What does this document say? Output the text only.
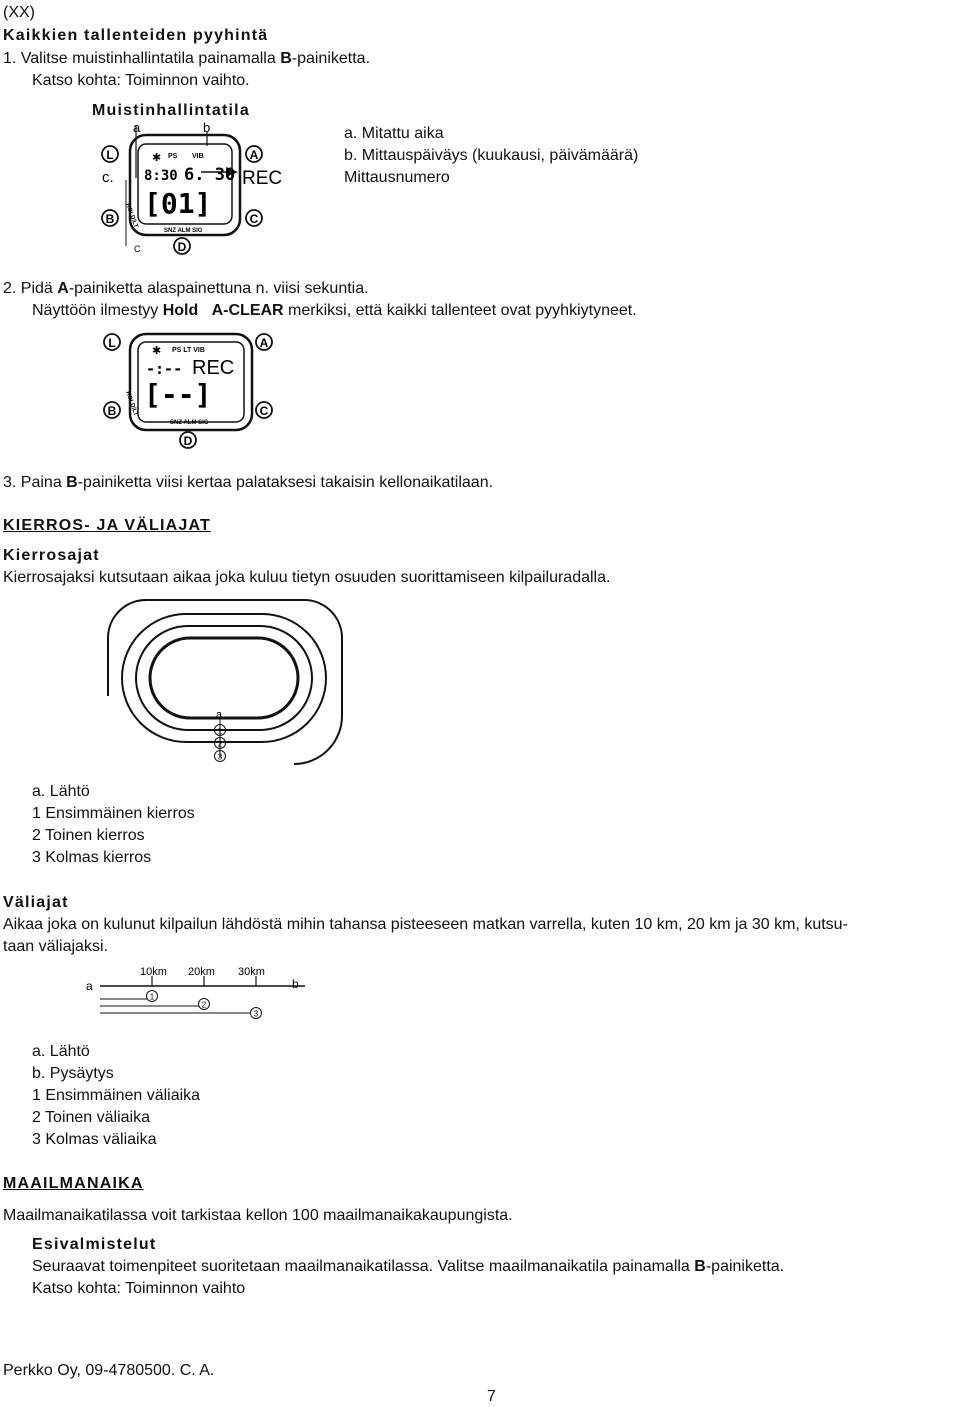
(XX)
Kaikkien tallenteiden pyyhintä
1. Valitse muistinhallintatila painamalla B-painiketta.
Katso kohta: Toiminnon vaihto.
Muistinhallintatila
a. Mitattu aika
b. Mittauspäiväys (kuukausi, päivämäärä)
Mittausnumero
a	b
c.
L	A
B	C
D
✱ PS VIB
8:30 6. 30 REC
[01]
SNZ ALM SIG
HOLD/LT
C
2. Pidä A-painiketta alaspainettuna n. viisi sekuntia.
Näyttöön ilmestyy Hold A-CLEAR merkiksi, että kaikki tallenteet ovat pyyhkiytyneet.
L	A
B	C
D
✱ PS LT VIB
-:-- REC
[--]
SNZ ALM SIG
HOLD/LT
3. Paina B-painiketta viisi kertaa palataksesi takaisin kellonaikatilaan.
KIERROS- JA VÄLIAJAT
Kierrosajat
Kierrosajaksi kutsutaan aikaa joka kuluu tietyn osuuden suorittamiseen kilpailuradalla.
a
1
2
3
a. Lähtö
1 Ensimmäinen kierros
2 Toinen kierros
3 Kolmas kierros
Väliajat
Aikaa joka on kulunut kilpailun lähdöstä mihin tahansa pisteeseen matkan varrella, kuten 10 km, 20 km ja 30 km, kutsu-
taan väliajaksi.
10km 20km 30km
a	b
1
2
3
a. Lähtö
b. Pysäytys
1 Ensimmäinen väliaika
2 Toinen väliaika
3 Kolmas väliaika
MAAILMANAIKA
Maailmanaikatilassa voit tarkistaa kellon 100 maailmanaikakaupungista.
Esivalmistelut
Seuraavat toimenpiteet suoritetaan maailmanaikatilassa. Valitse maailmanaikatila painamalla B-painiketta.
Katso kohta: Toiminnon vaihto
Perkko Oy, 09-4780500. C. A.
7
